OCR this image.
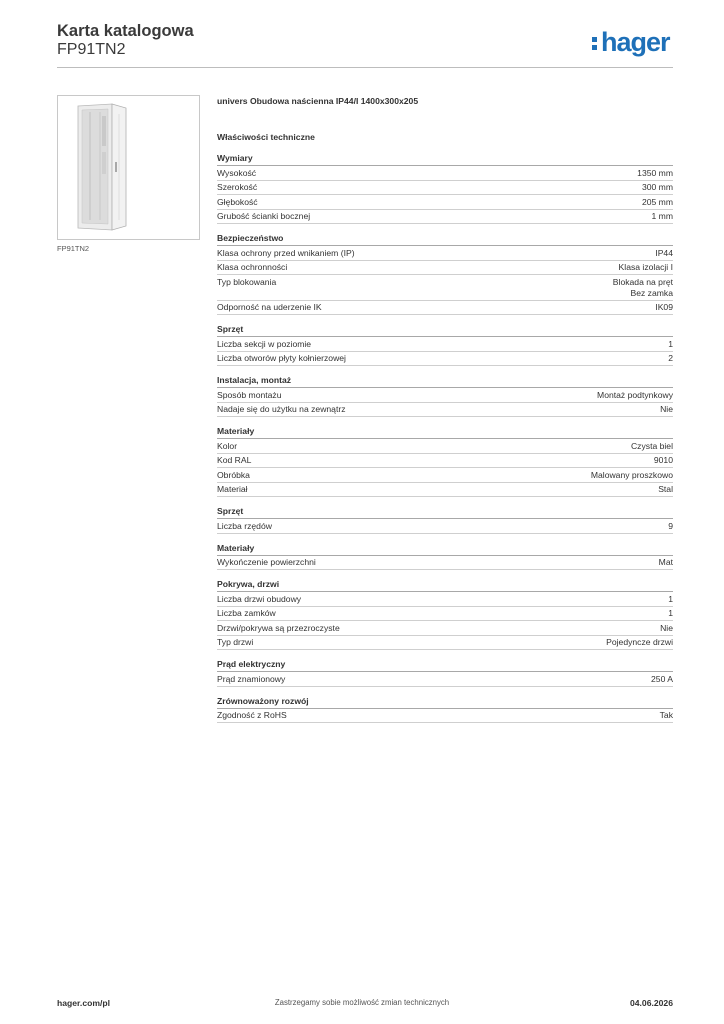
Karta katalogowa
FP91TN2	hager
FP91TN2
univers Obudowa naścienna IP44/I 1400x300x205
Właściwości techniczne
Wymiary
Wysokość	1350 mm
Szerokość	300 mm
Głębokość	205 mm
Grubość ścianki bocznej	1 mm
Bezpieczeństwo
Klasa ochrony przed wnikaniem (IP)	IP44
Klasa ochronności	Klasa izolacji I
Typ blokowania	Blokada na pręt
Bez zamka
Odporność na uderzenie IK	IK09
Sprzęt
Liczba sekcji w poziomie	1
Liczba otworów płyty kołnierzowej	2
Instalacja, montaż
Sposób montażu	Montaż podtynkowy
Nadaje się do użytku na zewnątrz	Nie
Materiały
Kolor	Czysta biel
Kod RAL	9010
Obróbka	Malowany proszkowo
Materiał	Stal
Sprzęt
Liczba rzędów	9
Materiały
Wykończenie powierzchni	Mat
Pokrywa, drzwi
Liczba drzwi obudowy	1
Liczba zamków	1
Drzwi/pokrywa są przezroczyste	Nie
Typ drzwi	Pojedyncze drzwi
Prąd elektryczny
Prąd znamionowy	250 A
Zrównoważony rozwój
Zgodność z RoHS	Tak
hager.com/pl	Zastrzegamy sobie możliwość zmian technicznych	04.06.2026
